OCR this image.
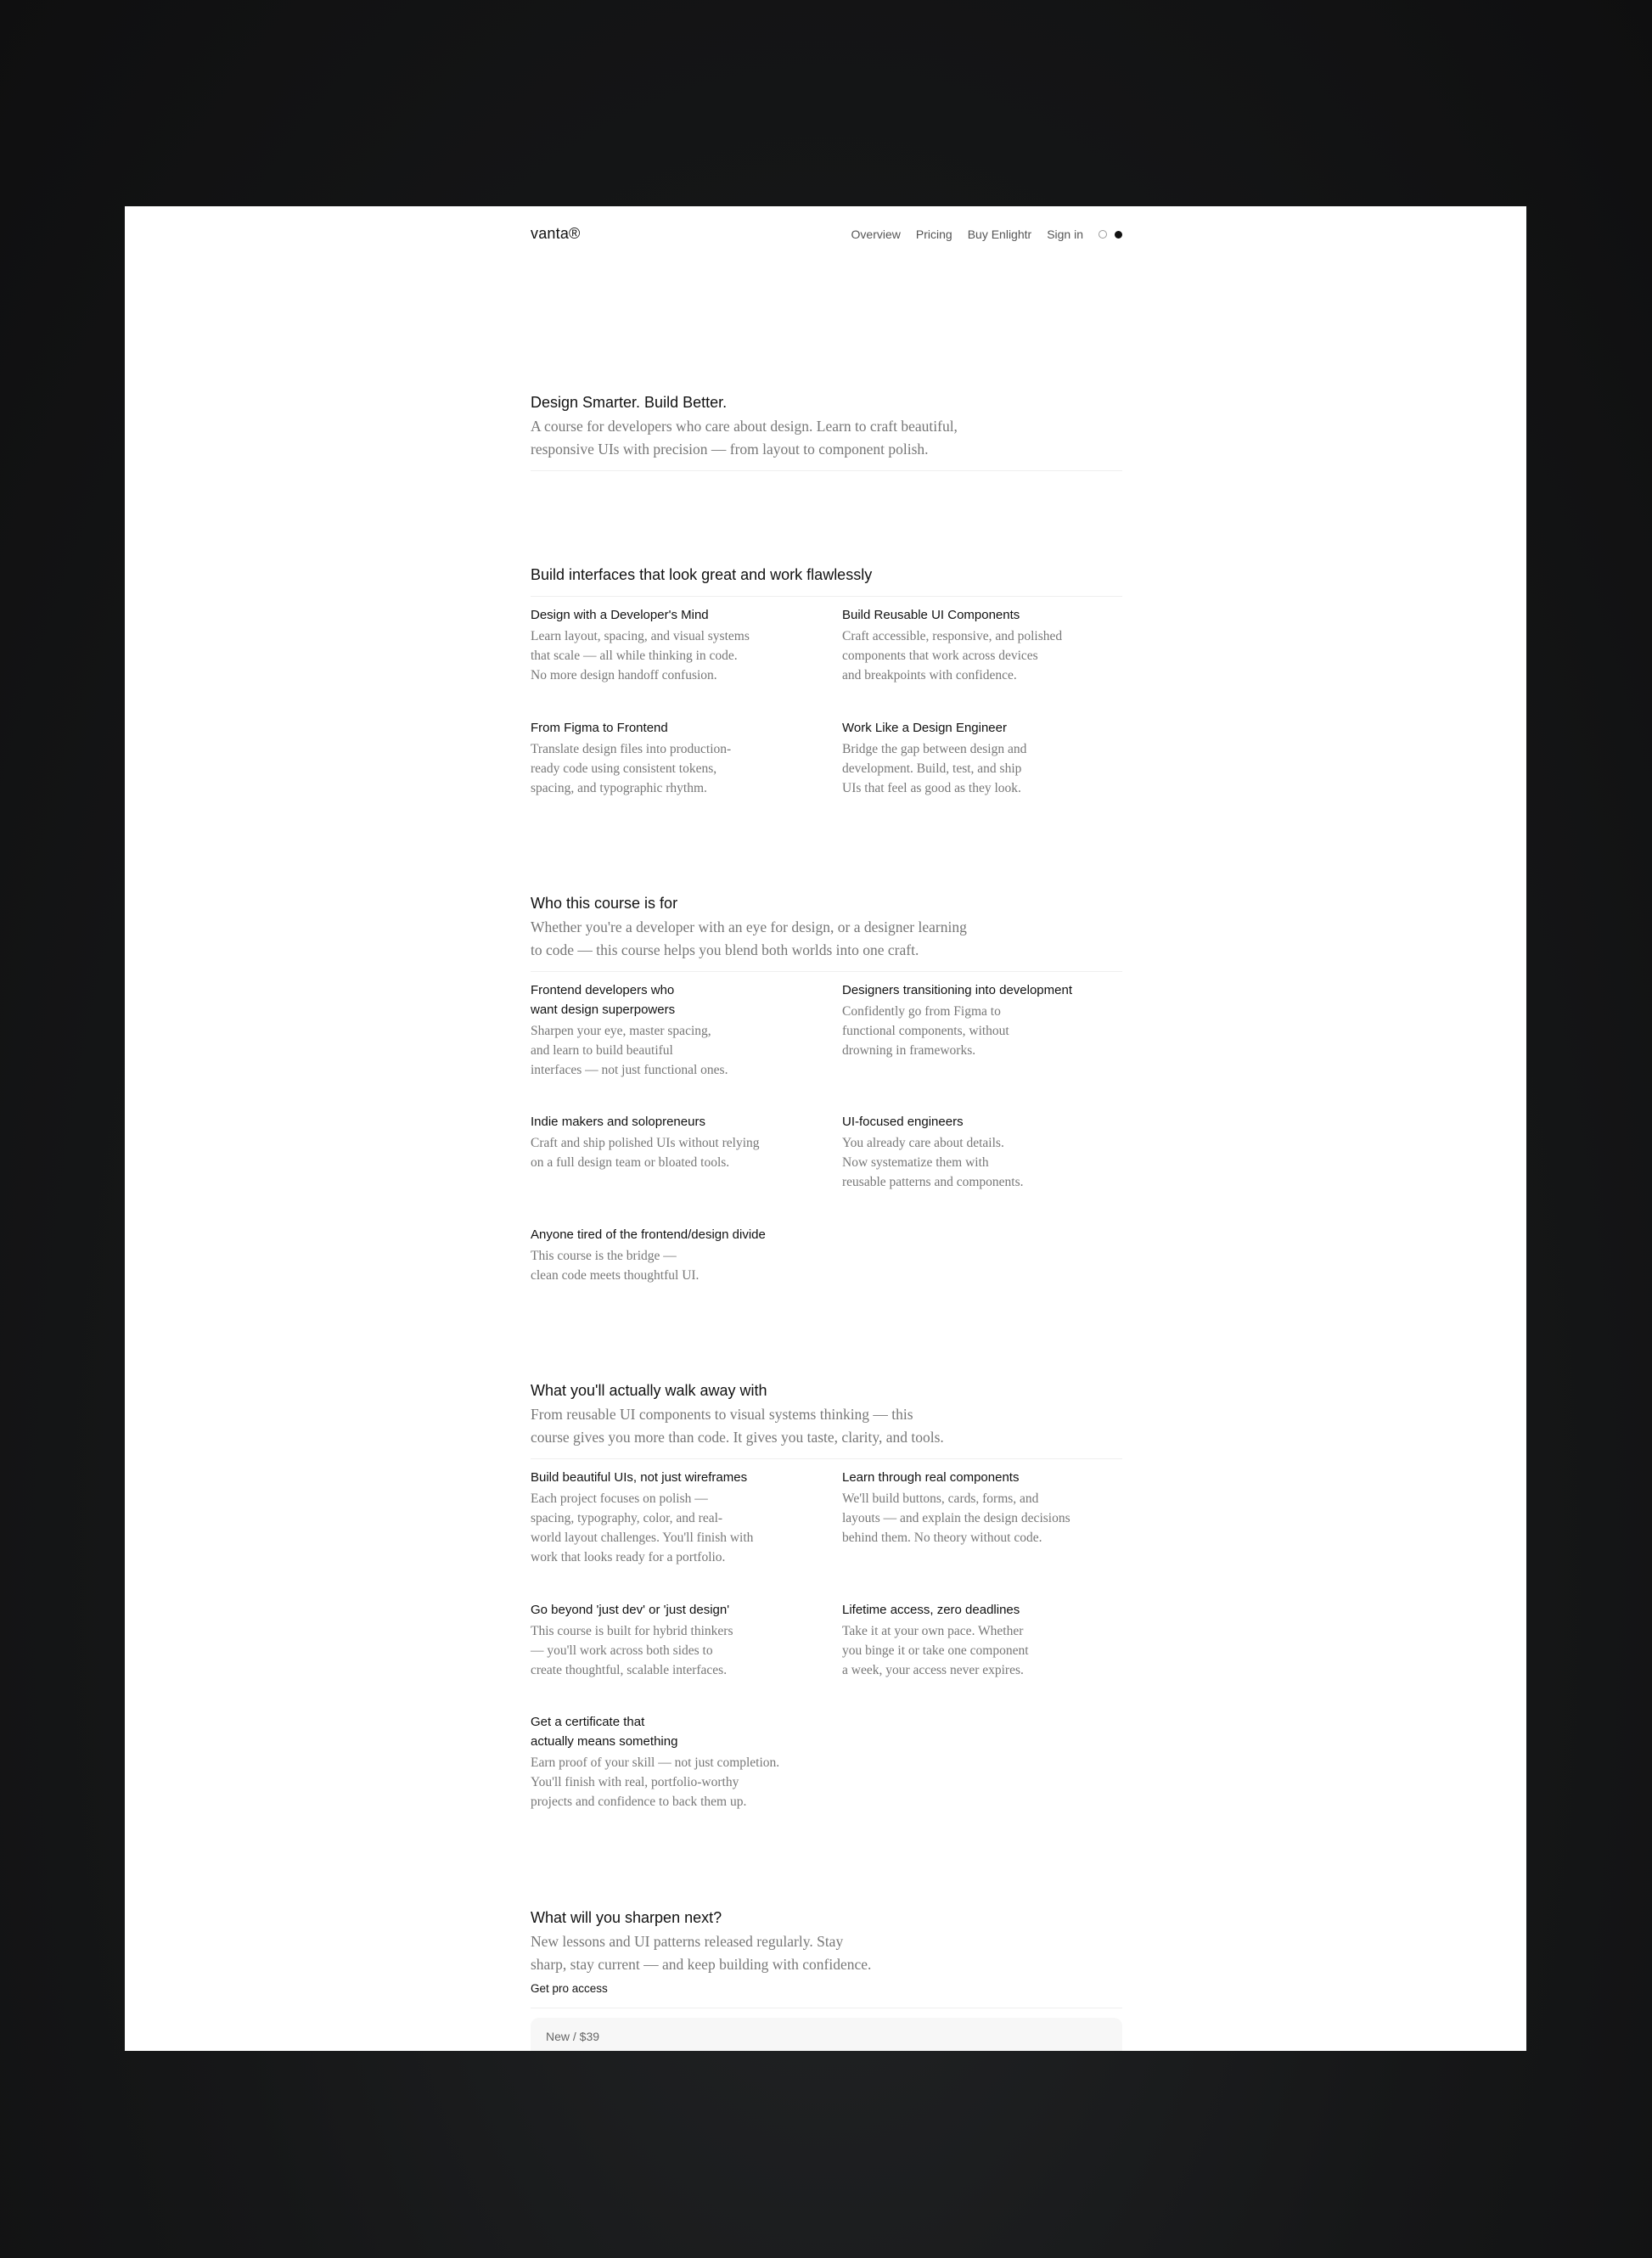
vanta®	Overview Pricing Buy Enlightr Sign in
Design Smarter. Build Better.
A course for developers who care about design. Learn to craft beautiful,
responsive UIs with precision — from layout to component polish.
Build interfaces that look great and work flawlessly
Design with a Developer's Mind
Learn layout, spacing, and visual systems
that scale — all while thinking in code.
No more design handoff confusion.
Build Reusable UI Components
Craft accessible, responsive, and polished
components that work across devices
and breakpoints with confidence.
From Figma to Frontend
Translate design files into production-
ready code using consistent tokens,
spacing, and typographic rhythm.
Work Like a Design Engineer
Bridge the gap between design and
development. Build, test, and ship
UIs that feel as good as they look.
Who this course is for
Whether you're a developer with an eye for design, or a designer learning
to code — this course helps you blend both worlds into one craft.
Frontend developers who
want design superpowers
Sharpen your eye, master spacing,
and learn to build beautiful
interfaces — not just functional ones.
Designers transitioning into development
Confidently go from Figma to
functional components, without
drowning in frameworks.
Indie makers and solopreneurs
Craft and ship polished UIs without relying
on a full design team or bloated tools.
UI-focused engineers
You already care about details.
Now systematize them with
reusable patterns and components.
Anyone tired of the frontend/design divide
This course is the bridge —
clean code meets thoughtful UI.
What you'll actually walk away with
From reusable UI components to visual systems thinking — this
course gives you more than code. It gives you taste, clarity, and tools.
Build beautiful UIs, not just wireframes
Each project focuses on polish —
spacing, typography, color, and real-
world layout challenges. You'll finish with
work that looks ready for a portfolio.
Learn through real components
We'll build buttons, cards, forms, and
layouts — and explain the design decisions
behind them. No theory without code.
Go beyond 'just dev' or 'just design'
This course is built for hybrid thinkers
— you'll work across both sides to
create thoughtful, scalable interfaces.
Lifetime access, zero deadlines
Take it at your own pace. Whether
you binge it or take one component
a week, your access never expires.
Get a certificate that
actually means something
Earn proof of your skill — not just completion.
You'll finish with real, portfolio-worthy
projects and confidence to back them up.
What will you sharpen next?
New lessons and UI patterns released regularly. Stay
sharp, stay current — and keep building with confidence.
Get pro access
New / $39
